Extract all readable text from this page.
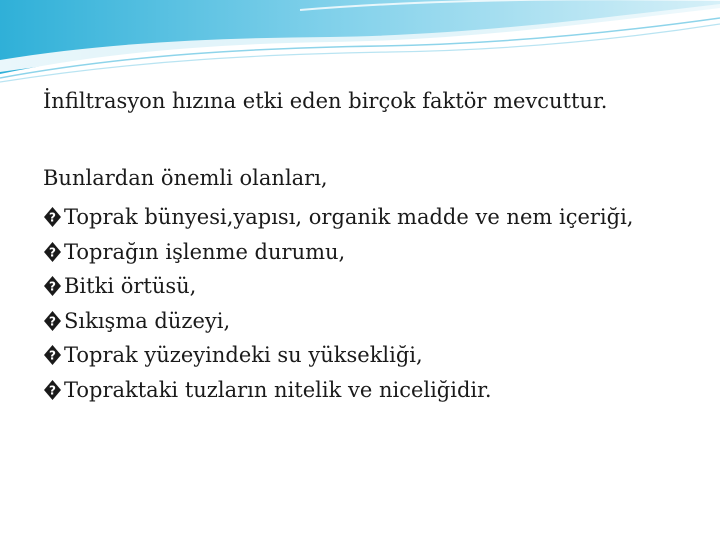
İnfiltrasyon hızına etki eden birçok faktör mevcuttur.

Bunlardan önemli olanları,

? Toprak bünyesi,yapısı, organik madde ve nem içeriği,
? Toprağın işlenme durumu,
? Bitki örtüsü,
? Sıkışma düzeyi,
? Toprak yüzeyindeki su yüksekliği,
? Topraktaki tuzların nitelik ve niceliğidir.
